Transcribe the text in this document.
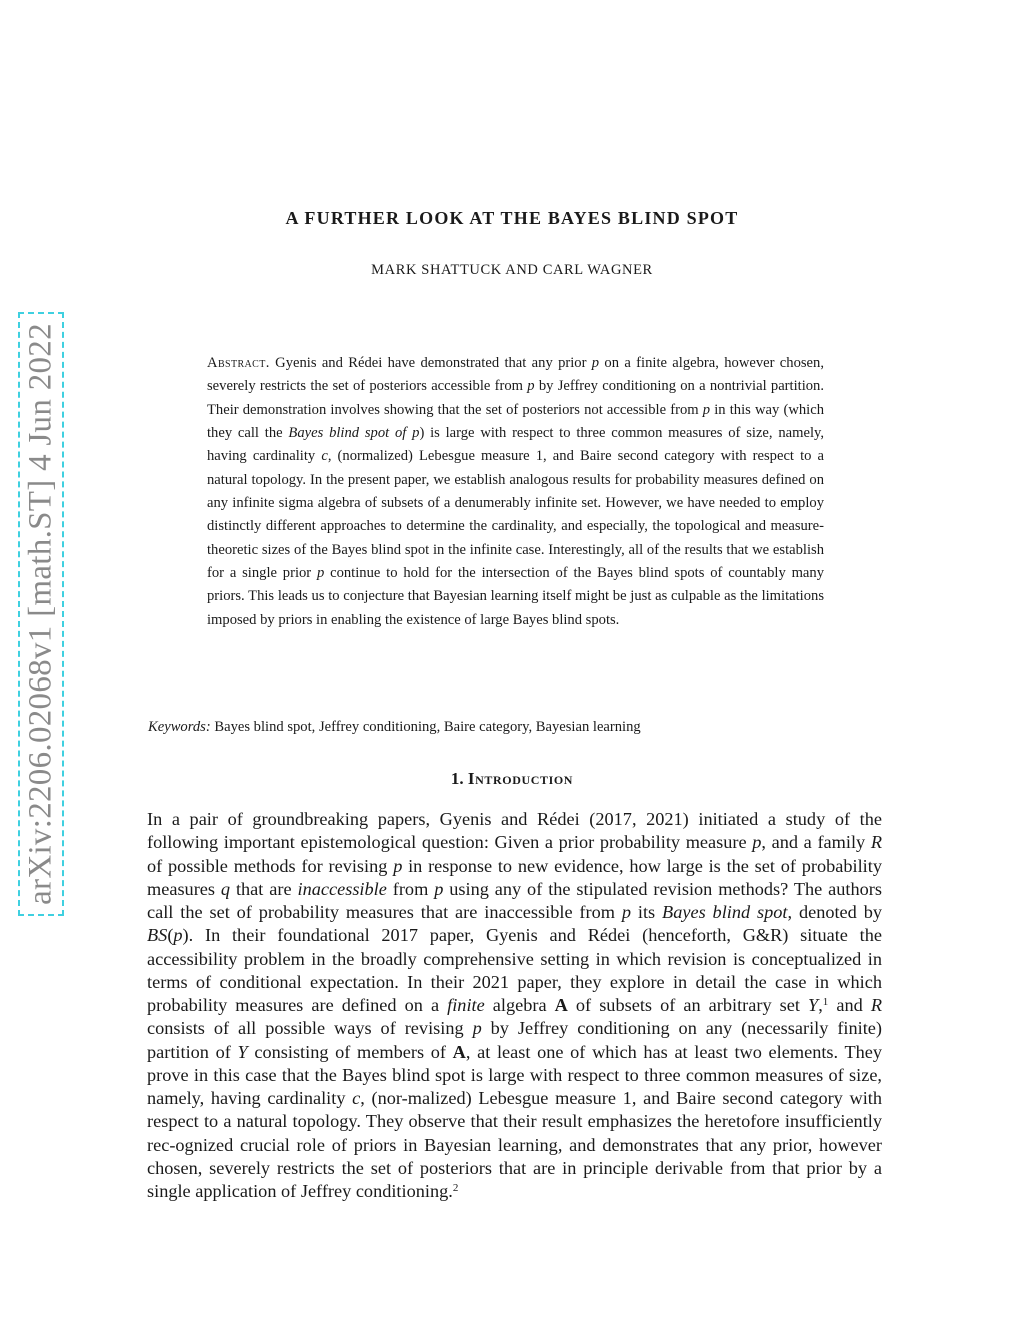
arXiv:2206.02068v1 [math.ST] 4 Jun 2022
A FURTHER LOOK AT THE BAYES BLIND SPOT

MARK SHATTUCK AND CARL WAGNER

Abstract. Gyenis and Rédei have demonstrated that any prior p on a finite algebra, however chosen, severely restricts the set of posteriors accessible from p by Jeffrey conditioning on a nontrivial partition. Their demonstration involves showing that the set of posteriors not accessible from p in this way (which they call the Bayes blind spot of p) is large with respect to three common measures of size, namely, having cardinality c, (normalized) Lebesgue measure 1, and Baire second category with respect to a natural topology. In the present paper, we establish analogous results for probability measures defined on any infinite sigma algebra of subsets of a denumerably infinite set. However, we have needed to employ distinctly different approaches to determine the cardinality, and especially, the topological and measure-theoretic sizes of the Bayes blind spot in the infinite case. Interestingly, all of the results that we establish for a single prior p continue to hold for the intersection of the Bayes blind spots of countably many priors. This leads us to conjecture that Bayesian learning itself might be just as culpable as the limitations imposed by priors in enabling the existence of large Bayes blind spots.

Keywords: Bayes blind spot, Jeffrey conditioning, Baire category, Bayesian learning

1. Introduction

In a pair of groundbreaking papers, Gyenis and Rédei (2017, 2021) initiated a study of the following important epistemological question: Given a prior probability measure p, and a family R of possible methods for revising p in response to new evidence, how large is the set of probability measures q that are inaccessible from p using any of the stipulated revision methods? The authors call the set of probability measures that are inaccessible from p its Bayes blind spot, denoted by BS(p). In their foundational 2017 paper, Gyenis and Rédei (henceforth, G&R) situate the accessibility problem in the broadly comprehensive setting in which revision is conceptualized in terms of conditional expectation. In their 2021 paper, they explore in detail the case in which probability measures are defined on a finite algebra A of subsets of an arbitrary set Y,$^1$ and R consists of all possible ways of revising p by Jeffrey conditioning on any (necessarily finite) partition of Y consisting of members of A, at least one of which has at least two elements. They prove in this case that the Bayes blind spot is large with respect to three common measures of size, namely, having cardinality c, (nor-malized) Lebesgue measure 1, and Baire second category with respect to a natural topology. They observe that their result emphasizes the heretofore insufficiently rec-ognized crucial role of priors in Bayesian learning, and demonstrates that any prior, however chosen, severely restricts the set of posteriors that are in principle derivable from that prior by a single application of Jeffrey conditioning.$^2$
